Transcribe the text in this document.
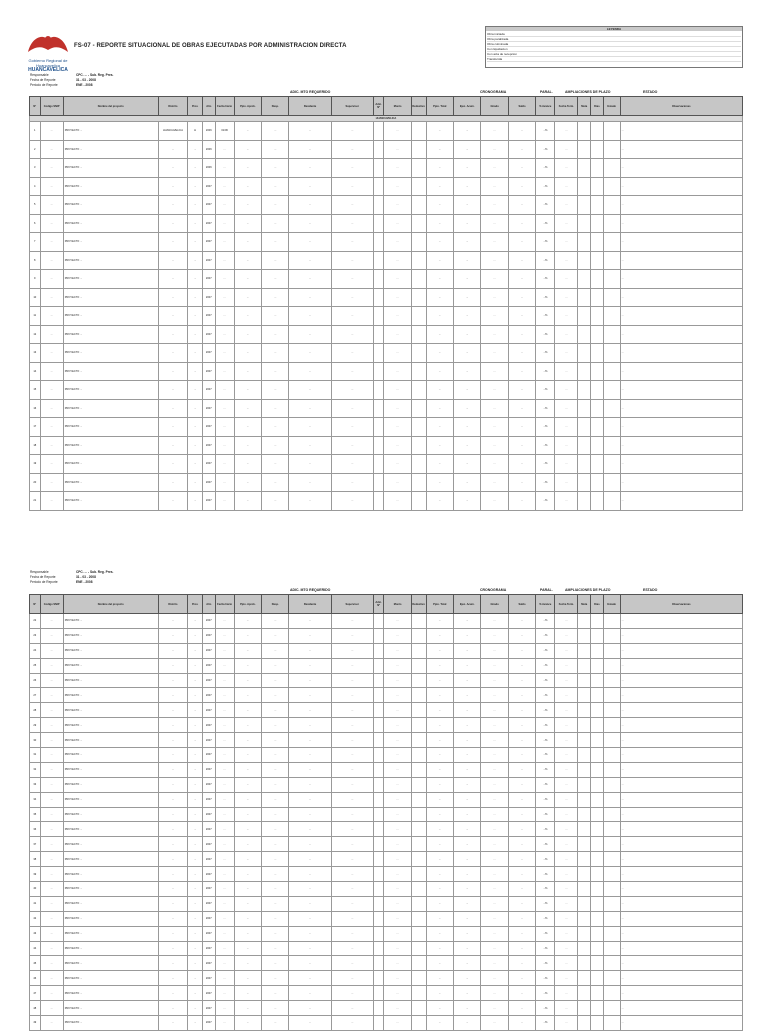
Gobierno Regional de Huancavelica
HUANCAVELICA
FS-07 - REPORTE SITUACIONAL DE OBRAS EJECUTADAS POR ADMINISTRACION DIRECTA
LEYENDA
Obra iniciada
Obra paralizada
Obra culminada
Con liquidacion
Con acta de recepcion
Transferida
Responsable	CPC. ... - Sub. Reg. Pres.
Fecha de Reporte	31 - 03 - 2008
Periodo de Reporte	ENE - 2008
ADIC. MTO REQUERIDO	CRONOGRAMA	PARAL.	AMPLIACIONES DE PLAZO	ESTADO
N°	Codigo SNIP	Nombre del proyecto	Distrito	Prov.	Año	Fecha Inicio	Ppto. Aprob.	Resp.	Residente	Supervisor	Adic. Nº	Monto	Deductivo	Ppto. Total	Ejec. Acum.	Girado	Saldo	% Avance	Fecha Term.	Meta	Dias	Estado	Observaciones
HUANCAVELICA																							
1	...	PROYECTO ...	HUANCAVELICA	H	2006	01/06	...	...	...	...		...		...	...	...	...	...%	...				...
2	...	PROYECTO ...	...	...	2006	...	...	...	...	...		...		...	...	...	...	...%	...				...
3	...	PROYECTO ...	...	...	2006	...	...	...	...	...		...		...	...	...	...	...%	...				...
4	...	PROYECTO ...	...	...	2007	...	...	...	...	...		...		...	...	...	...	...%	...				...
5	...	PROYECTO ...	...	...	2007	...	...	...	...	...		...		...	...	...	...	...%	...				...
6	...	PROYECTO ...	...	...	2007	...	...	...	...	...		...		...	...	...	...	...%	...				...
7	...	PROYECTO ...	...	...	2007	...	...	...	...	...		...		...	...	...	...	...%	...				...
8	...	PROYECTO ...	...	...	2007	...	...	...	...	...		...		...	...	...	...	...%	...				...
9	...	PROYECTO ...	...	...	2007	...	...	...	...	...		...		...	...	...	...	...%	...				...
10	...	PROYECTO ...	...	...	2007	...	...	...	...	...		...		...	...	...	...	...%	...				...
11	...	PROYECTO ...	...	...	2007	...	...	...	...	...		...		...	...	...	...	...%	...				...
12	...	PROYECTO ...	...	...	2007	...	...	...	...	...		...		...	...	...	...	...%	...				...
13	...	PROYECTO ...	...	...	2007	...	...	...	...	...		...		...	...	...	...	...%	...				...
14	...	PROYECTO ...	...	...	2007	...	...	...	...	...		...		...	...	...	...	...%	...				...
15	...	PROYECTO ...	...	...	2007	...	...	...	...	...		...		...	...	...	...	...%	...				...
16	...	PROYECTO ...	...	...	2007	...	...	...	...	...		...		...	...	...	...	...%	...				...
17	...	PROYECTO ...	...	...	2007	...	...	...	...	...		...		...	...	...	...	...%	...				...
18	...	PROYECTO ...	...	...	2007	...	...	...	...	...		...		...	...	...	...	...%	...				...
19	...	PROYECTO ...	...	...	2007	...	...	...	...	...		...		...	...	...	...	...%	...				...
20	...	PROYECTO ...	...	...	2007	...	...	...	...	...		...		...	...	...	...	...%	...				...
21	...	PROYECTO ...	...	...	2007	...	...	...	...	...		...		...	...	...	...	...%	...				...
Responsable	CPC. ... - Sub. Reg. Pres.
Fecha de Reporte	31 - 03 - 2008
Periodo de Reporte	ENE - 2008
ADIC. MTO REQUERIDO	CRONOGRAMA	PARAL.	AMPLIACIONES DE PLAZO	ESTADO
N°	Codigo SNIP	Nombre del proyecto	Distrito	Prov.	Año	Fecha Inicio	Ppto. Aprob.	Resp.	Residente	Supervisor	Adic. Nº	Monto	Deductivo	Ppto. Total	Ejec. Acum.	Girado	Saldo	% Avance	Fecha Term.	Meta	Dias	Estado	Observaciones
22	...	PROYECTO ...	...	...	2007	...	...	...	...	...		...		...	...	...	...	...%	...				...
23	...	PROYECTO ...	...	...	2007	...	...	...	...	...		...		...	...	...	...	...%	...				...
24	...	PROYECTO ...	...	...	2007	...	...	...	...	...		...		...	...	...	...	...%	...				...
25	...	PROYECTO ...	...	...	2007	...	...	...	...	...		...		...	...	...	...	...%	...				...
26	...	PROYECTO ...	...	...	2007	...	...	...	...	...		...		...	...	...	...	...%	...				...
27	...	PROYECTO ...	...	...	2007	...	...	...	...	...		...		...	...	...	...	...%	...				...
28	...	PROYECTO ...	...	...	2007	...	...	...	...	...		...		...	...	...	...	...%	...				...
29	...	PROYECTO ...	...	...	2007	...	...	...	...	...		...		...	...	...	...	...%	...				...
30	...	PROYECTO ...	...	...	2007	...	...	...	...	...		...		...	...	...	...	...%	...				...
31	...	PROYECTO ...	...	...	2007	...	...	...	...	...		...		...	...	...	...	...%	...				...
32	...	PROYECTO ...	...	...	2007	...	...	...	...	...		...		...	...	...	...	...%	...				...
33	...	PROYECTO ...	...	...	2007	...	...	...	...	...		...		...	...	...	...	...%	...				...
34	...	PROYECTO ...	...	...	2007	...	...	...	...	...		...		...	...	...	...	...%	...				...
35	...	PROYECTO ...	...	...	2007	...	...	...	...	...		...		...	...	...	...	...%	...				...
36	...	PROYECTO ...	...	...	2007	...	...	...	...	...		...		...	...	...	...	...%	...				...
37	...	PROYECTO ...	...	...	2007	...	...	...	...	...		...		...	...	...	...	...%	...				...
38	...	PROYECTO ...	...	...	2007	...	...	...	...	...		...		...	...	...	...	...%	...				...
39	...	PROYECTO ...	...	...	2007	...	...	...	...	...		...		...	...	...	...	...%	...				...
40	...	PROYECTO ...	...	...	2007	...	...	...	...	...		...		...	...	...	...	...%	...				...
41	...	PROYECTO ...	...	...	2007	...	...	...	...	...		...		...	...	...	...	...%	...				...
42	...	PROYECTO ...	...	...	2007	...	...	...	...	...		...		...	...	...	...	...%	...				...
43	...	PROYECTO ...	...	...	2007	...	...	...	...	...		...		...	...	...	...	...%	...				...
44	...	PROYECTO ...	...	...	2007	...	...	...	...	...		...		...	...	...	...	...%	...				...
45	...	PROYECTO ...	...	...	2007	...	...	...	...	...		...		...	...	...	...	...%	...				...
46	...	PROYECTO ...	...	...	2007	...	...	...	...	...		...		...	...	...	...	...%	...				...
47	...	PROYECTO ...	...	...	2007	...	...	...	...	...		...		...	...	...	...	...%	...				...
48	...	PROYECTO ...	...	...	2007	...	...	...	...	...		...		...	...	...	...	...%	...				...
49	...	PROYECTO ...	...	...	2007	...	...	...	...	...		...		...	...	...	...	...%	...				...
